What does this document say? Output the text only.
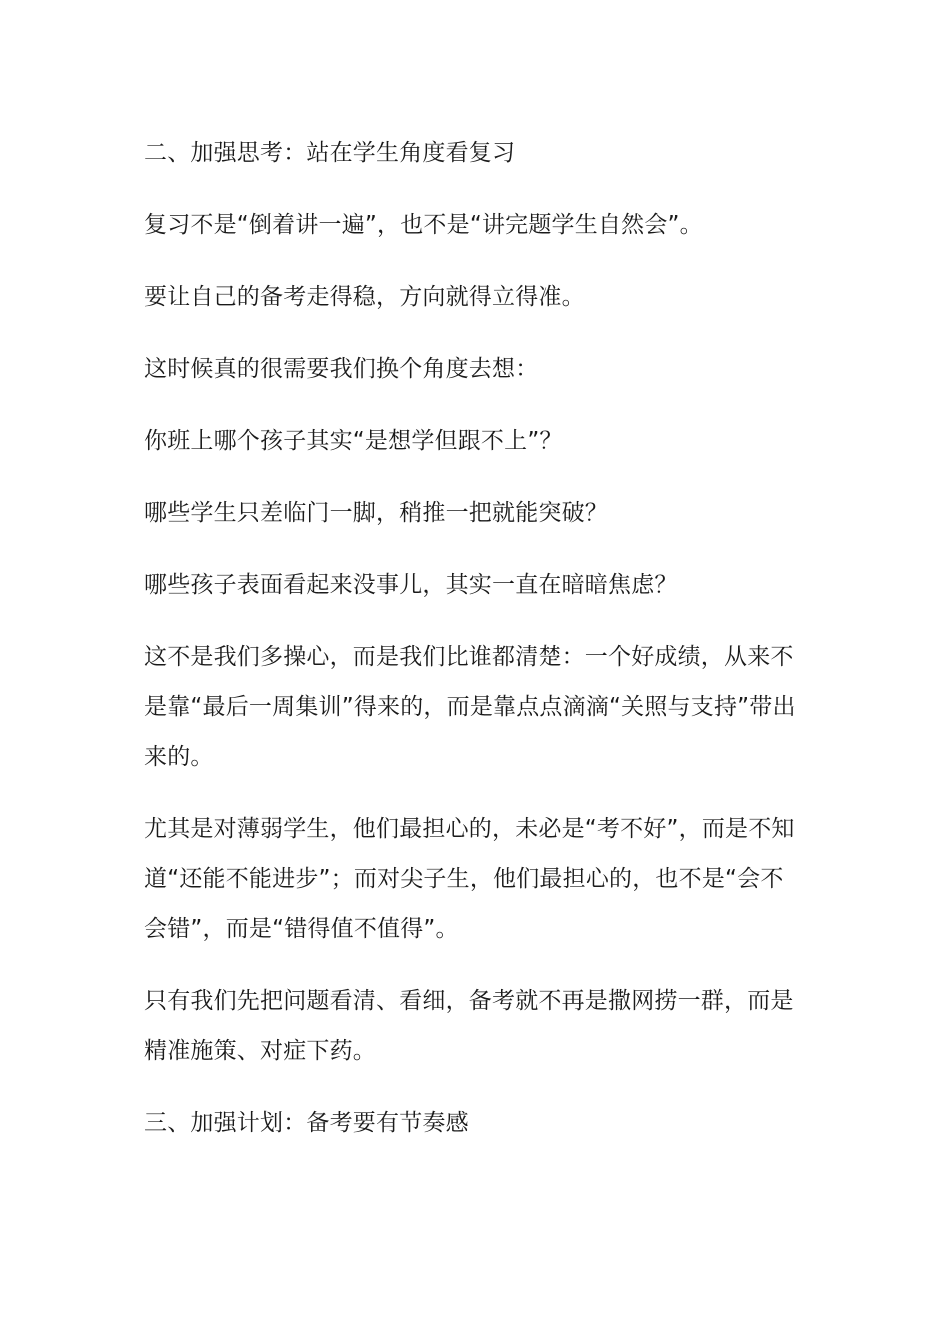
二、加强思考：站在学生角度看复习

复习不是“倒着讲一遍”，也不是“讲完题学生自然会”。

要让自己的备考走得稳，方向就得立得准。

这时候真的很需要我们换个角度去想：

你班上哪个孩子其实“是想学但跟不上”？

哪些学生只差临门一脚，稍推一把就能突破？

哪些孩子表面看起来没事儿，其实一直在暗暗焦虑？

这不是我们多操心，而是我们比谁都清楚：一个好成绩，从来不是靠“最后一周集训”得来的，而是靠点点滴滴“关照与支持”带出来的。

尤其是对薄弱学生，他们最担心的，未必是“考不好”，而是不知道“还能不能进步”；而对尖子生，他们最担心的，也不是“会不会错”，而是“错得值不值得”。

只有我们先把问题看清、看细，备考就不再是撒网捞一群，而是精准施策、对症下药。

三、加强计划：备考要有节奏感
